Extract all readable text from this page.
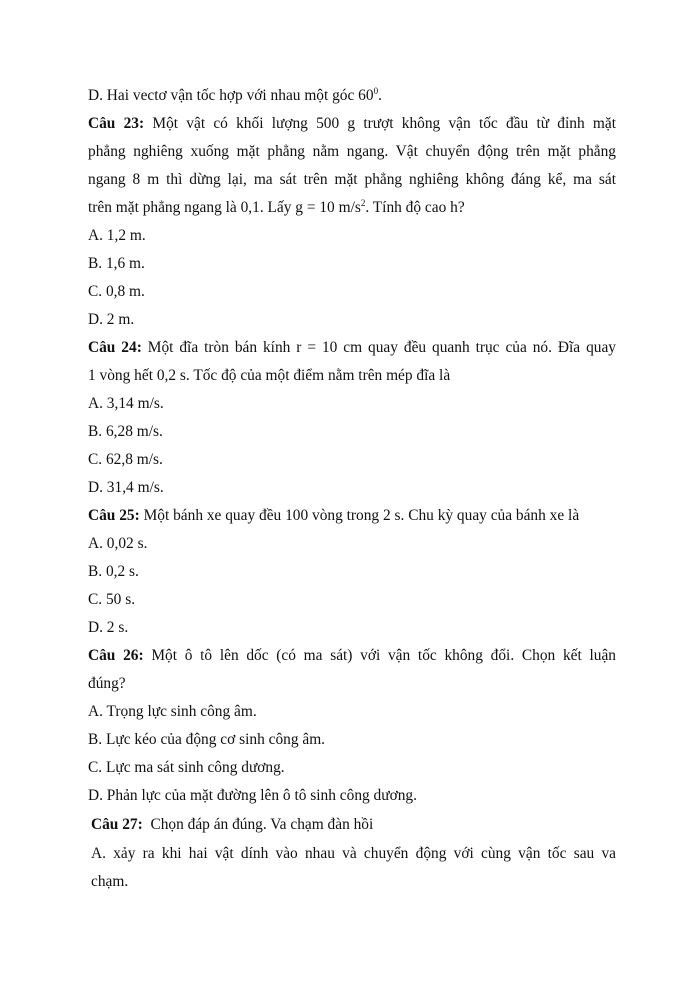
D. Hai vectơ vận tốc hợp với nhau một góc $60^0$.
Câu 23: Một vật có khối lượng 500 g trượt không vận tốc đầu từ đỉnh mặt
phẳng nghiêng xuống mặt phẳng nằm ngang. Vật chuyển động trên mặt phẳng
ngang 8 m thì dừng lại, ma sát trên mặt phẳng nghiêng không đáng kể, ma sát
trên mặt phẳng ngang là 0,1. Lấy g = 10 $m/s^2$. Tính độ cao h?
A. 1,2 m.
B. 1,6 m.
C. 0,8 m.
D. 2 m.
Câu 24: Một đĩa tròn bán kính r = 10 cm quay đều quanh trục của nó. Đĩa quay
1 vòng hết 0,2 s. Tốc độ của một điểm nằm trên mép đĩa là
A. 3,14 m/s.
B. 6,28 m/s.
C. 62,8 m/s.
D. 31,4 m/s.
Câu 25: Một bánh xe quay đều 100 vòng trong 2 s. Chu kỳ quay của bánh xe là
A. 0,02 s.
B. 0,2 s.
C. 50 s.
D. 2 s.
Câu 26: Một ô tô lên dốc (có ma sát) với vận tốc không đổi. Chọn kết luận
đúng?
A. Trọng lực sinh công âm.
B. Lực kéo của động cơ sinh công âm.
C. Lực ma sát sinh công dương.
D. Phản lực của mặt đường lên ô tô sinh công dương.
Câu 27: Chọn đáp án đúng. Va chạm đàn hồi
A. xảy ra khi hai vật dính vào nhau và chuyển động với cùng vận tốc sau va
chạm.
